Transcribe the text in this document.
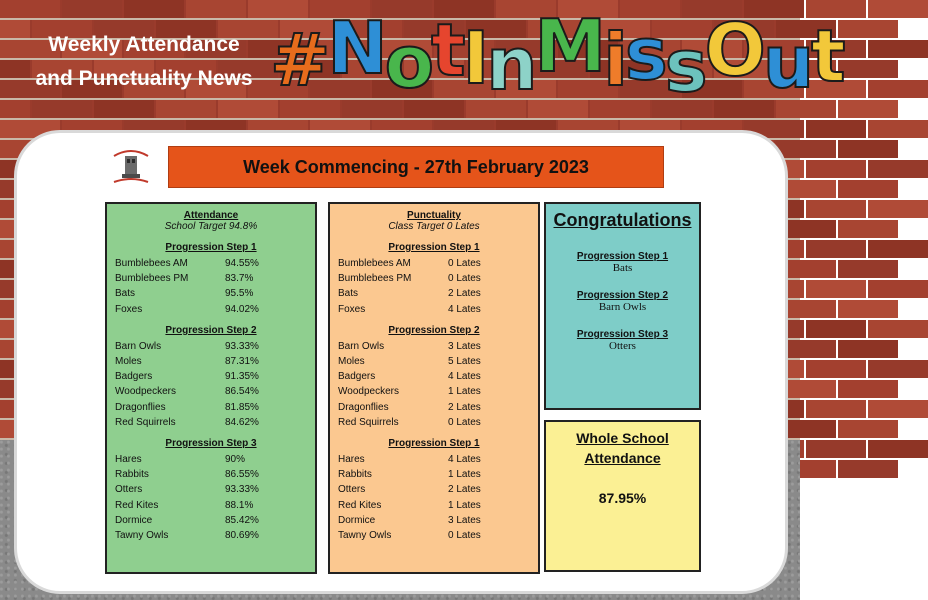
Weekly Attendance
and Punctuality News #NotInMissOut
Week Commencing - 27th February 2023
Attendance
School Target 94.8%
Progression Step 1
Bumblebees AM	94.55%
Bumblebees PM	83.7%
Bats	95.5%
Foxes	94.02%
Progression Step 2
Barn Owls	93.33%
Moles	87.31%
Badgers	91.35%
Woodpeckers	86.54%
Dragonflies	81.85%
Red Squirrels	84.62%
Progression Step 3
Hares	90%
Rabbits	86.55%
Otters	93.33%
Red Kites	88.1%
Dormice	85.42%
Tawny Owls	80.69%
Punctuality
Class Target 0 Lates
Progression Step 1
Bumblebees AM	0 Lates
Bumblebees PM	0 Lates
Bats	2 Lates
Foxes	4 Lates
Progression Step 2
Barn Owls	3 Lates
Moles	5 Lates
Badgers	4 Lates
Woodpeckers	1 Lates
Dragonflies	2 Lates
Red Squirrels	0 Lates
Progression Step 1
Hares	4 Lates
Rabbits	1 Lates
Otters	2 Lates
Red Kites	1 Lates
Dormice	3 Lates
Tawny Owls	0 Lates
Congratulations
Progression Step 1
Bats
Progression Step 2
Barn Owls
Progression Step 3
Otters
Whole School
Attendance
87.95%
